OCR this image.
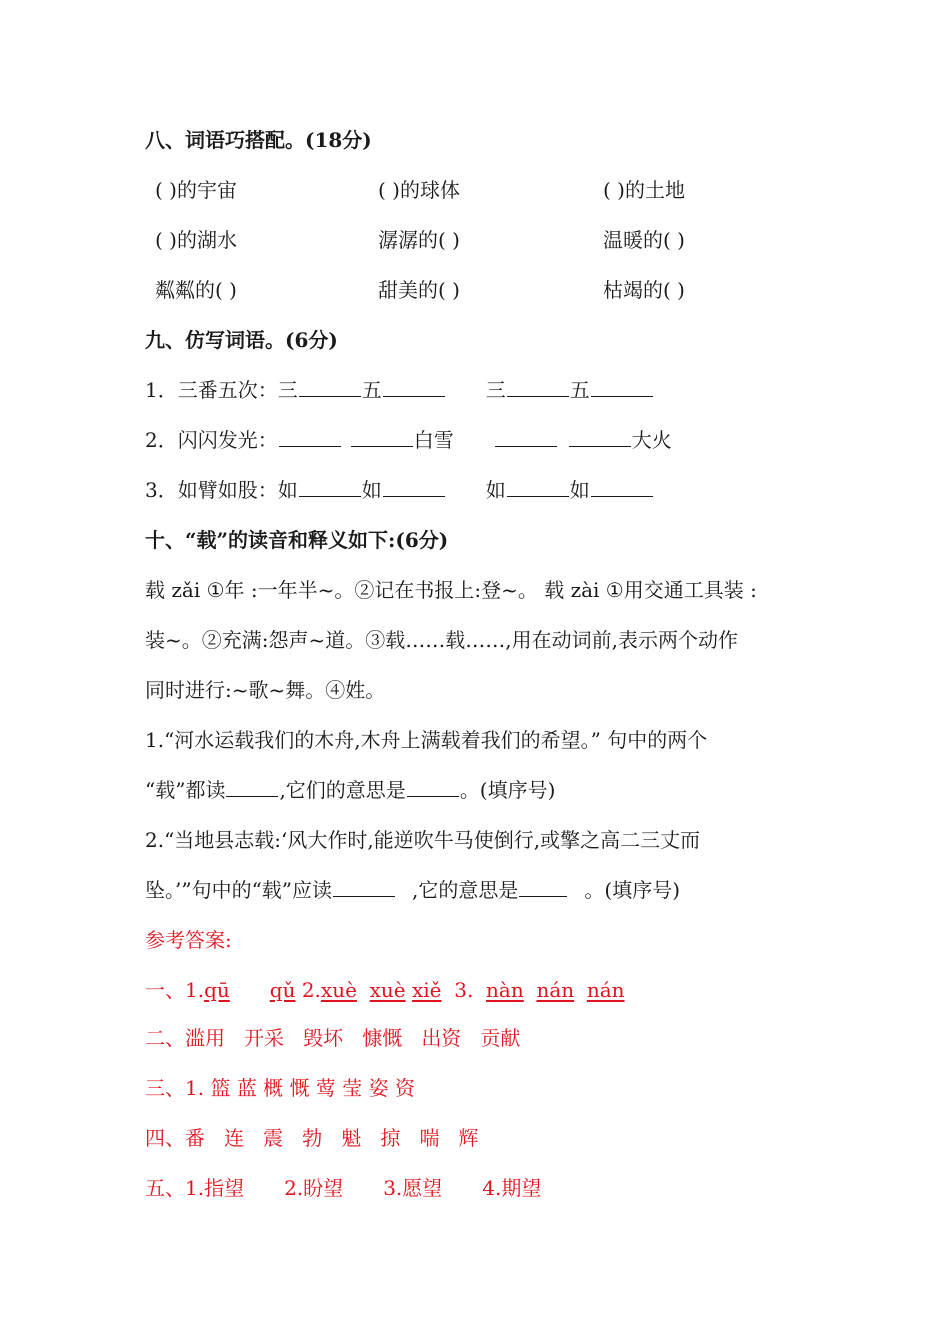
八、词语巧搭配。(18分)
( )的宇宙	( )的球体	( )的土地
( )的湖水	潺潺的( )	温暖的( )
粼粼的( )	甜美的( )	枯竭的( )
九、仿写词语。(6分)
1．三番五次：三	五	三	五
2．闪闪发光：	白雪	大火
3．如臂如股：如	如	如	如
十、“载”的读音和释义如下:(6分)
载 zǎi ①年 :一年半~。②记在书报上:登~。 载 zài ①用交通工具装 :
装~。②充满:怨声~道。③载……载……,用在动词前,表示两个动作
同时进行:~歌~舞。④姓。
1.“河水运载我们的木舟,木舟上满载着我们的希望。” 句中的两个
“载”都读	,它们的意思是	。(填序号)
2.“当地县志载:‘风大作时,能逆吹牛马使倒行,或擎之高二三丈而
坠。’”句中的“载”应读	,它的意思是	。(填序号)
参考答案:
一、1.qū qǔ 2.xuè xuè xiě 3. nàn nán nán
二、滥用 开采 毁坏 慷慨 出资 贡献
三、1. 篮 蓝 概 慨 莺 莹 姿 资
四、番 连 震 勃 魁 掠 喘 辉
五、1.指望 2.盼望 3.愿望 4.期望
